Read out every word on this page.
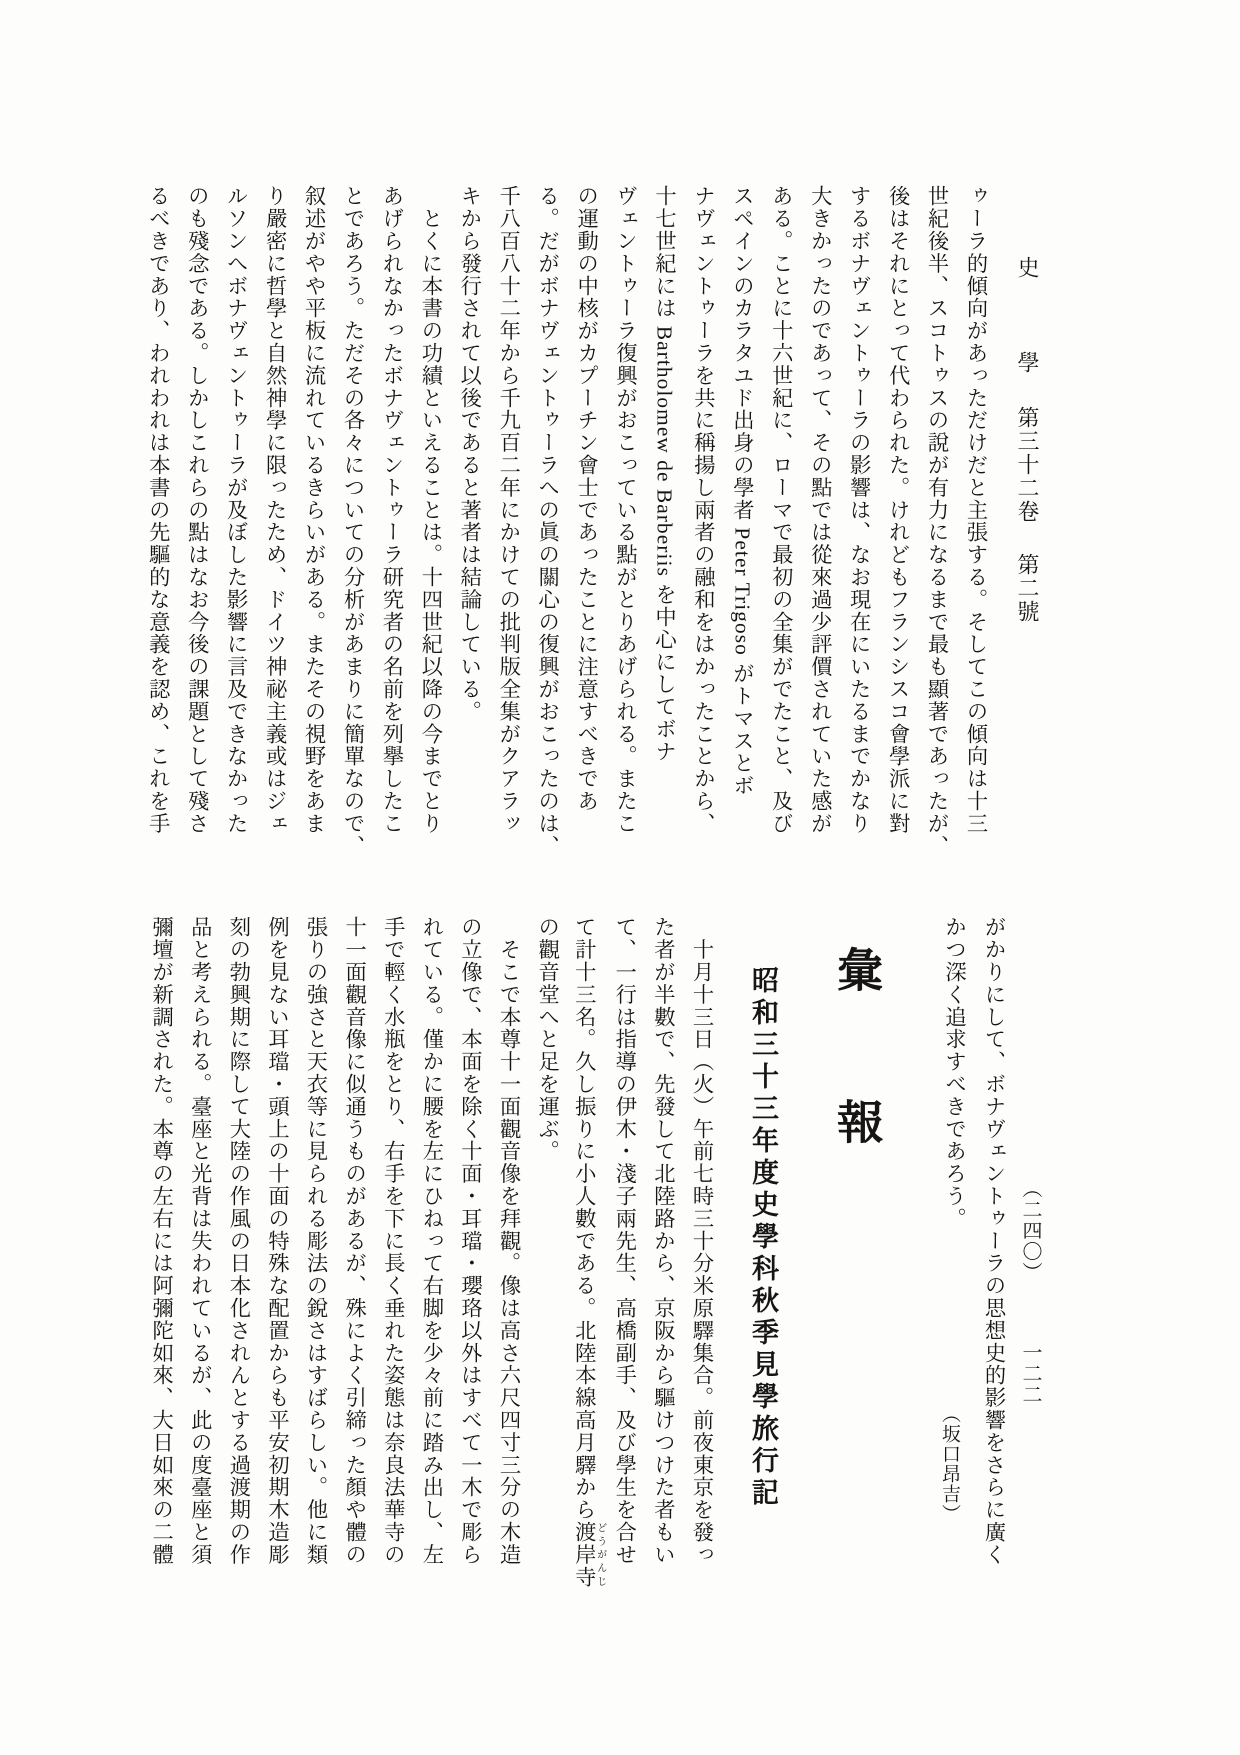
史 學 第三十二卷 第二號
ゥーラ的傾向があっただけだと主張する。そしてこの傾向は十三
世紀後半、スコトゥスの說が有力になるまで最も顯著であったが、
後はそれにとって代わられた。けれどもフランシスコ會學派に對
するボナヴェントゥーラの影響は、なお現在にいたるまでかなり
大きかったのであって、その點では從來過少評價されていた感が
ある。ことに十六世紀に、ローマで最初の全集がでたこと、及び
スペインのカラタユド出身の學者 Peter Trigoso がトマスとボ
ナヴェントゥーラを共に稱揚し兩者の融和をはかったことから、
十七世紀には Bartholomew de Barberiis を中心にしてボナ
ヴェントゥーラ復興がおこっている點がとりあげられる。またこ
の運動の中核がカプーチン會士であったことに注意すべきであ
る。だがボナヴェントゥーラへの眞の關心の復興がおこったのは、
千八百八十二年から千九百二年にかけての批判版全集がクアラッ
キから發行されて以後であると著者は結論している。
　とくに本書の功績といえることは。十四世紀以降の今までとり
あげられなかったボナヴェントゥーラ研究者の名前を列擧したこ
とであろう。ただその各々についての分析があまりに簡單なので、
叙述がやや平板に流れているきらいがある。またその視野をあま
り嚴密に哲學と自然神學に限ったため、ドイツ神祕主義或はジェ
ルソンへボナヴェントゥーラが及ぼした影響に言及できなかった
のも殘念である。しかしこれらの點はなお今後の課題として殘さ
るべきであり、われわれは本書の先驅的な意義を認め、これを手
がかりにして、ボナヴェントゥーラの思想史的影響をさらに廣く
かつ深く追求すべきであろう。
（坂口昂吉）
彙報
昭和三十三年度史學科秋季見學旅行記
　十月十三日（火）午前七時三十分米原驛集合。前夜東京を發っ
た者が半數で、先發して北陸路から、京阪から驅けつけた者もい
て、一行は指導の伊木・淺子兩先生、高橋副手、及び學生を合せ
て計十三名。久し振りに小人數である。北陸本線高月驛から渡岸寺どうがんじ
の觀音堂へと足を運ぶ。
　そこで本尊十一面觀音像を拜觀。像は高さ六尺四寸三分の木造
の立像で、本面を除く十面・耳璫・瓔珞以外はすべて一木で彫ら
れている。僅かに腰を左にひねって右脚を少々前に踏み出し、左
手で輕く水瓶をとり、右手を下に長く垂れた姿態は奈良法華寺の
十一面觀音像に似通うものがあるが、殊によく引締った顏や體の
張りの強さと天衣等に見られる彫法の銳さはすばらしい。他に類
例を見ない耳璫・頭上の十面の特殊な配置からも平安初期木造彫
刻の勃興期に際して大陸の作風の日本化されんとする過渡期の作
品と考えられる。臺座と光背は失われているが、此の度臺座と須
彌壇が新調された。本尊の左右には阿彌陀如來、大日如來の二體	（二四〇） 一二二
